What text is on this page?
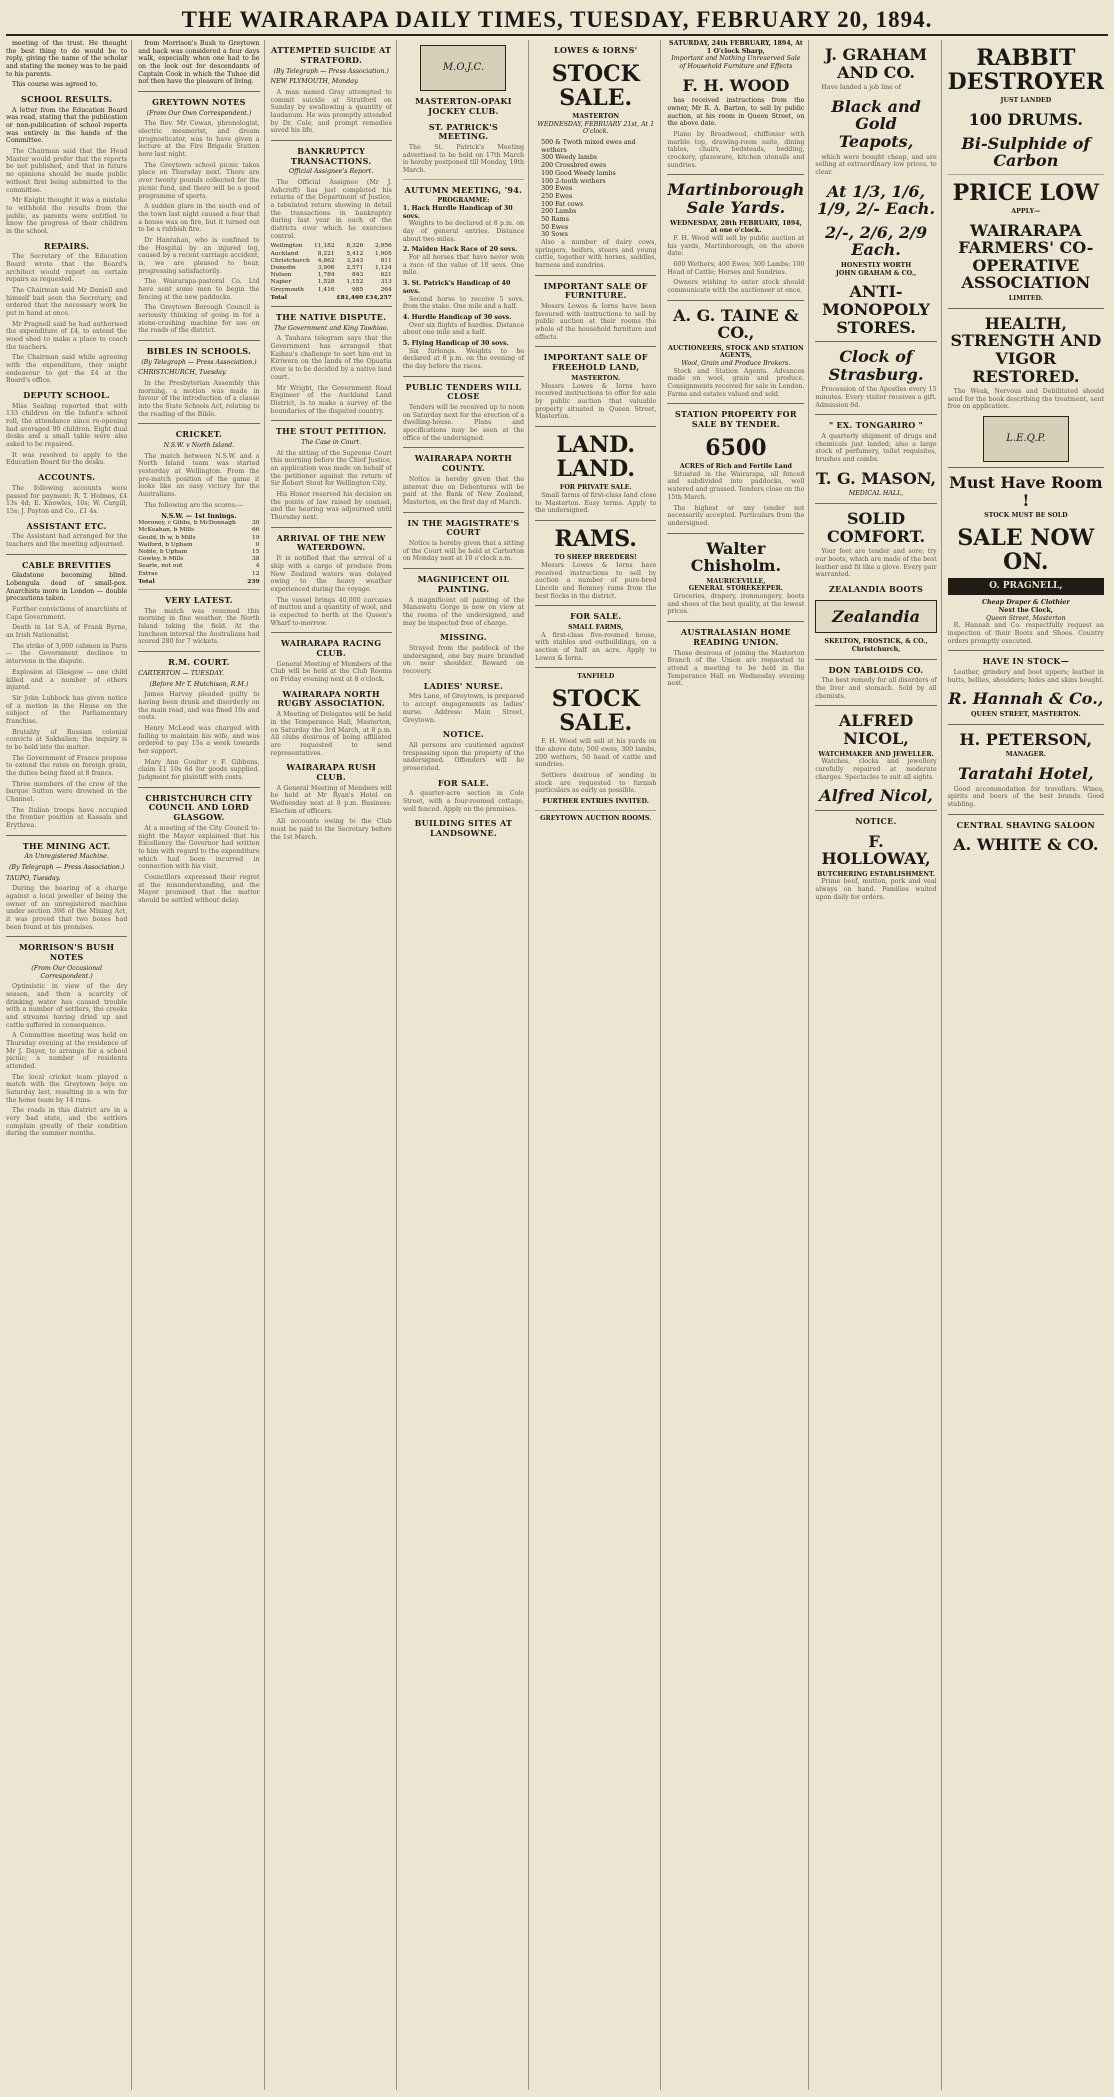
THE WAIRARAPA DAILY TIMES, TUESDAY, FEBRUARY 20, 1894.

meeting of the trust. He thought the best thing to do would be to reply, giving the name of the scholar and stating the money was to be paid to his parents.

This course was agreed to.

SCHOOL RESULTS.

A letter from the Education Board was read, stating that the publication or non-publication of school reports was entirely in the hands of the Committee.

The Chairman said that the Head Master would prefer that the reports be not published, and that in future no opinions should be made public without first being submitted to the committee.

Mr Knight thought it was a mistake to withhold the results from the public, as parents were entitled to know the progress of their children in the school.

REPAIRS.

The Secretary of the Education Board wrote that the Board's architect would report on certain repairs as requested.

The Chairman said Mr Daniell and himself had seen the Secretary, and ordered that the necessary work be put in hand at once.

Mr Pragnell said he had authorised the expenditure of £4, to extend the wood shed to make a place to coach the teachers.

The Chairman said while agreeing with the expenditure, they might endeavour to get the £4 at the Board's office.

DEPUTY SCHOOL.

Miss Sealing reported that with 133 children on the Infant's school roll, the attendance since re-opening had averaged 90 children. Eight dual desks and a small table were also asked to be repaired.

It was resolved to apply to the Education Board for the desks.

ACCOUNTS.

The following accounts were passed for payment: R. T. Holmes, £4 13s 4d; E. Knowles, 10s; W. Cargill, 15s; J. Payton and Co., £1 4s.

ASSISTANT ETC.

The Assistant had arranged for the teachers and the meeting adjourned.

CABLE BREVITIES

Gladstone becoming blind. Lobengula dead of small-pox. Anarchists more in London — double precautions taken.

Further convictions of anarchists at Cape Government.

Death in 1st S.A. of Frank Byrne, an Irish Nationalist.

The strike of 3,000 cabmen in Paris — the Government declines to intervene in the dispute.

Explosion at Glasgow — one child killed and a number of others injured.

Sir John Lubbock has given notice of a motion in the House on the subject of the Parliamentary franchise.

Brutality of Russian colonial convicts at Sakhalien; the inquiry is to be held into the matter.

The Government of France propose to extend the rates on foreign grain, the duties being fixed at 8 francs.

Three members of the crew of the barque Sutton were drowned in the Channel.

The Italian troops have occupied the frontier position at Kassala and Erythrea.

THE MINING ACT.
An Unregistered Machine.
(By Telegraph — Press Association.)

TAUPO, Tuesday.

During the hearing of a charge against a local jeweller of being the owner of an unregistered machine under section 398 of the Mining Act, it was proved that two boxes had been found at his premises.

MORRISON'S BUSH NOTES
(From Our Occasional Correspondent.)

Optimistic in view of the dry season, and then a scarcity of drinking water has caused trouble with a number of settlers, the creeks and streams having dried up and cattle suffered in consequence.

A Committee meeting was held on Thursday evening at the residence of Mr J. Dayer, to arrange for a school picnic; a number of residents attended.

The local cricket team played a match with the Greytown boys on Saturday last, resulting in a win for the home team by 14 runs.

The roads in this district are in a very bad state, and the settlers complain greatly of their condition during the summer months.

from Morrison's Bush to Greytown and back was considered a four days walk, especially when one had to be on the look out for descendants of Captain Cook in which the Tuhoe did not then have the pleasure of living.

GREYTOWN NOTES
(From Our Own Correspondent.)

The Rev. Mr Cowan, phrenologist, electric mesmerist, and dream prognosticator, was to have given a lecture at the Fire Brigade Station here last night.

The Greytown school picnic takes place on Thursday next. There are over twenty pounds collected for the picnic fund, and there will be a good programme of sports.

A sudden glare in the south end of the town last night caused a fear that a house was on fire, but it turned out to be a rubbish fire.

Dr Hanrahan, who is confined to the Hospital by an injured leg, caused by a recent carriage accident, is, we are pleased to hear, progressing satisfactorily.

The Wairarapa-pastoral Co. Ltd have sent some men to begin the fencing at the new paddocks.

The Greytown Borough Council is seriously thinking of going in for a stone-crushing machine for use on the roads of the district.

BIBLES IN SCHOOLS.
(By Telegraph — Press Association.)

CHRISTCHURCH, Tuesday.

In the Presbyterian Assembly this morning, a motion was made in favour of the introduction of a clause into the State Schools Act, relating to the reading of the Bible.

CRICKET.
N.S.W. v North Island.

The match between N.S.W. and a North Island team was started yesterday at Wellington. From the pre-match position of the game it looks like an easy victory for the Australians.

The following are the scores:—

N.S.W. — 1st Innings.
Moroney, c Gibbs, b McDonnagh	30
McKeahan, b Mills	66
Gould, lb w, b Mills	19
Walford, b Upham	0
Noble, b Upham	15
Cowley, b Mills	38
Searle, not out	4
Extras	12
Total	239
VERY LATEST.

The match was resumed this morning in fine weather, the North Island taking the field. At the luncheon interval the Australians had scored 280 for 7 wickets.

R.M. COURT.

CARTERTON — TUESDAY.

(Before Mr T. Hutchison, R.M.)

James Harvey pleaded guilty to having been drunk and disorderly on the main road, and was fined 10s and costs.

Henry McLeod was charged with failing to maintain his wife, and was ordered to pay 15s a week towards her support.

Mary Ann Coulter v F. Gibbons, claim £1 10s 6d for goods supplied. Judgment for plaintiff with costs.

CHRISTCHURCH CITY COUNCIL AND LORD GLASGOW.

At a meeting of the City Council to-night the Mayor explained that his Excellency the Governor had written to him with regard to the expenditure which had been incurred in connection with his visit.

Councillors expressed their regret at the misunderstanding, and the Mayor promised that the matter should be settled without delay.

ATTEMPTED SUICIDE AT STRATFORD.
(By Telegraph — Press Association.)

NEW PLYMOUTH, Monday.

A man named Gray attempted to commit suicide at Stratford on Sunday by swallowing a quantity of laudanum. He was promptly attended by Dr. Cole, and prompt remedies saved his life.

BANKRUPTCY TRANSACTIONS.
Official Assignee's Report.

The Official Assignee (Mr J. Ashcroft) has just completed his returns of the Department of Justice, a tabulated return showing in detail the transactions in bankruptcy during last year in each of the districts over which he exercises control.

Wellington	11,182	8,326	2,956
Auckland	8,221	5,412	1,905
Christchurch	4,862	3,243	811
Dunedin	3,906	2,571	1,124
Nelson	1,784	843	621
Napier	1,528	1,152	313
Greymouth	1,416	985	264
Total		£81,460	£34,257
THE NATIVE DISPUTE.
The Government and King Tawhiao.

A Tauhara telegram says that the Government has arranged that Kaihau's challenge to sort him out in Kiriwera on the lands of the Opuatia river is to be decided by a native land court.

Mr Wright, the Government Road Engineer of the Auckland Land District, is to make a survey of the boundaries of the disputed country.

THE STOUT PETITION.
The Case in Court.

At the sitting of the Supreme Court this morning before the Chief Justice, an application was made on behalf of the petitioner against the return of Sir Robert Stout for Wellington City.

His Honor reserved his decision on the points of law raised by counsel, and the hearing was adjourned until Thursday next.

ARRIVAL OF THE NEW WATERDOWN.

It is notified that the arrival of a ship with a cargo of produce from New Zealand waters was delayed owing to the heavy weather experienced during the voyage.

The vessel brings 40,000 carcases of mutton and a quantity of wool, and is expected to berth at the Queen's Wharf to-morrow.

WAIRARAPA RACING CLUB.

General Meeting of Members of the Club will be held at the Club Rooms on Friday evening next at 8 o'clock.

WAIRARAPA NORTH RUGBY ASSOCIATION.

A Meeting of Delegates will be held in the Temperance Hall, Masterton, on Saturday the 3rd March, at 8 p.m. All clubs desirous of being affiliated are requested to send representatives.

WAIRARAPA RUSH CLUB.

A General Meeting of Members will be held at Mr Ryan's Hotel on Wednesday next at 8 p.m. Business: Election of officers.

All accounts owing to the Club must be paid to the Secretary before the 1st March.

M.O.J.C.
MASTERTON-OPAKI JOCKEY CLUB.
ST. PATRICK'S MEETING.

The St. Patrick's Meeting advertised to be held on 17th March is hereby postponed till Monday, 19th March.

AUTUMN MEETING, '94.
PROGRAMME:
1. Hack Hurdle Handicap of 30 sovs.

Weights to be declared at 8 p.m. on day of general entries. Distance about two miles.

2. Maiden Hack Race of 20 sovs.

For all horses that have never won a race of the value of 10 sovs. One mile.

3. St. Patrick's Handicap of 40 sovs.

Second horse to receive 5 sovs. from the stake. One mile and a half.

4. Hurdle Handicap of 30 sovs.

Over six flights of hurdles. Distance about one mile and a half.

5. Flying Handicap of 30 sovs.

Six furlongs. Weights to be declared at 8 p.m. on the evening of the day before the races.

PUBLIC TENDERS WILL CLOSE

Tenders will be received up to noon on Saturday next for the erection of a dwelling-house. Plans and specifications may be seen at the office of the undersigned.

WAIRARAPA NORTH COUNTY.

Notice is hereby given that the interest due on Debentures will be paid at the Bank of New Zealand, Masterton, on the first day of March.

IN THE MAGISTRATE'S COURT

Notice is hereby given that a sitting of the Court will be held at Carterton on Monday next at 10 o'clock a.m.

MAGNIFICENT OIL PAINTING.

A magnificent oil painting of the Manawatu Gorge is now on view at the rooms of the undersigned, and may be inspected free of charge.

MISSING.

Strayed from the paddock of the undersigned, one bay mare branded on near shoulder. Reward on recovery.

LADIES' NURSE.

Mrs Lane, of Greytown, is prepared to accept engagements as ladies' nurse. Address: Main Street, Greytown.

NOTICE.

All persons are cautioned against trespassing upon the property of the undersigned. Offenders will be prosecuted.

FOR SALE.

A quarter-acre section in Cole Street, with a four-roomed cottage, well fenced. Apply on the premises.

BUILDING SITES AT LANDSOWNE.
LOWES & IORNS'
STOCK SALE.
MASTERTON
WEDNESDAY, FEBRUARY 21st, At 1 O'clock.
500 & Twoth mixed ewes and wethers
300 Weedy lambs
200 Crossbred ewes
100 Good Weedy lambs
100 2-tooth wethers
300 Ewes
250 Ewes
100 Fat cows
200 Lambs
50 Rams
50 Ewes
30 Sows

Also a number of dairy cows, springers, heifers, steers and young cattle, together with horses, saddles, harness and sundries.

IMPORTANT SALE OF FURNITURE.

Messrs Lowes & Iorns have been favoured with instructions to sell by public auction at their rooms the whole of the household furniture and effects.

IMPORTANT SALE OF FREEHOLD LAND,
MASTERTON.

Messrs Lowes & Iorns have received instructions to offer for sale by public auction that valuable property situated in Queen Street, Masterton.

LAND. LAND.
FOR PRIVATE SALE.

Small farms of first-class land close to Masterton. Easy terms. Apply to the undersigned.

RAMS.
TO SHEEP BREEDERS!

Messrs Lowes & Iorns have received instructions to sell by auction a number of pure-bred Lincoln and Romney rams from the best flocks in the district.

FOR SALE.
SMALL FARMS,

A first-class five-roomed house, with stables and outbuildings, on a section of half an acre. Apply to Lowes & Iorns.

TANFIELD
STOCK SALE.

F. H. Wood will sell at his yards on the above date, 500 ewes, 300 lambs, 200 wethers, 50 head of cattle and sundries.

Settlers desirous of sending in stock are requested to furnish particulars as early as possible.

FURTHER ENTRIES INVITED.
GREYTOWN AUCTION ROOMS.
SATURDAY, 24th FEBRUARY, 1894, At 1 O'clock Sharp,
Important and Nothing Unreserved Sale of Household Furniture and Effects
F. H. WOOD

has received instructions from the owner, Mr R. A. Barton, to sell by public auction, at his room in Queen Street, on the above date.

Piano by Broadwood, chiffonier with marble top, drawing-room suite, dining tables, chairs, bedsteads, bedding, crockery, glassware, kitchen utensils and sundries.

Martinborough Sale Yards.
WEDNESDAY, 28th FEBRUARY, 1894, at one o'clock.

F. H. Wood will sell by public auction at his yards, Martinborough, on the above date:

600 Wethers; 400 Ewes; 300 Lambs; 100 Head of Cattle; Horses and Sundries.

Owners wishing to enter stock should communicate with the auctioneer at once.

A. G. TAINE & CO.,
AUCTIONEERS, STOCK AND STATION AGENTS,
Wool, Grain and Produce Brokers.

Stock and Station Agents. Advances made on wool, grain and produce. Consignments received for sale in London. Farms and estates valued and sold.

STATION PROPERTY FOR SALE BY TENDER.
6500
ACRES of Rich and Fertile Land

Situated in the Wairarapa, all fenced and subdivided into paddocks, well watered and grassed. Tenders close on the 15th March.

The highest or any tender not necessarily accepted. Particulars from the undersigned.

Walter Chisholm.
MAURICEVILLE,
GENERAL STOREKEEPER.

Groceries, drapery, ironmongery, boots and shoes of the best quality, at the lowest prices.

AUSTRALASIAN HOME READING UNION.

Those desirous of joining the Masterton Branch of the Union are requested to attend a meeting to be held in the Temperance Hall on Wednesday evening next.

J. GRAHAM AND CO.

Have landed a job line of

Black and Gold Teapots,

which were bought cheap, and are selling at extraordinary low prices, to clear.

At 1/3, 1/6, 1/9, 2/- Each.
2/-, 2/6, 2/9 Each.
HONESTLY WORTH
JOHN GRAHAM & CO.,
ANTI-MONOPOLY STORES.
Clock of Strasburg.

Procession of the Apostles every 15 minutes. Every visitor receives a gift. Admission 6d.

" EX. TONGARIRO "

A quarterly shipment of drugs and chemicals just landed; also a large stock of perfumery, toilet requisites, brushes and combs.

T. G. MASON,
MEDICAL HALL,
SOLID COMFORT.

Your feet are tender and sore; try our boots, which are made of the best leather and fit like a glove. Every pair warranted.

ZEALANDIA BOOTS
Zealandia
SKELTON, FROSTICK, & CO., Christchurch,
DON TABLOIDS CO.

The best remedy for all disorders of the liver and stomach. Sold by all chemists.

ALFRED NICOL,
WATCHMAKER AND JEWELLER.

Watches, clocks and jewellery carefully repaired at moderate charges. Spectacles to suit all sights.

Alfred Nicol,
NOTICE.
F. HOLLOWAY,
BUTCHERING ESTABLISHMENT.

Prime beef, mutton, pork and veal always on hand. Families waited upon daily for orders.

RABBIT DESTROYER
JUST LANDED
100 DRUMS.
Bi-Sulphide of Carbon
PRICE LOW
APPLY—
WAIRARAPA FARMERS' CO-OPERATIVE ASSOCIATION
LIMITED.
HEALTH, STRENGTH AND VIGOR RESTORED.

The Weak, Nervous and Debilitated should send for the book describing the treatment, sent free on application.

L.E.Q.P.
Must Have Room !
STOCK MUST BE SOLD
SALE NOW ON.
O. PRAGNELL,
Cheap Draper & Clothier
Next the Clock,
Queen Street, Masterton

R. Hannah and Co. respectfully request an inspection of their Boots and Shoes. Country orders promptly executed.

HAVE IN STOCK—

Leather, grindery and boot uppers; leather in butts, bellies, shoulders; hides and skins bought.

R. Hannah & Co.,
QUEEN STREET, MASTERTON.
H. PETERSON,
MANAGER.
Taratahi Hotel,

Good accommodation for travellers. Wines, spirits and beers of the best brands. Good stabling.

CENTRAL SHAVING SALOON
A. WHITE & CO.
